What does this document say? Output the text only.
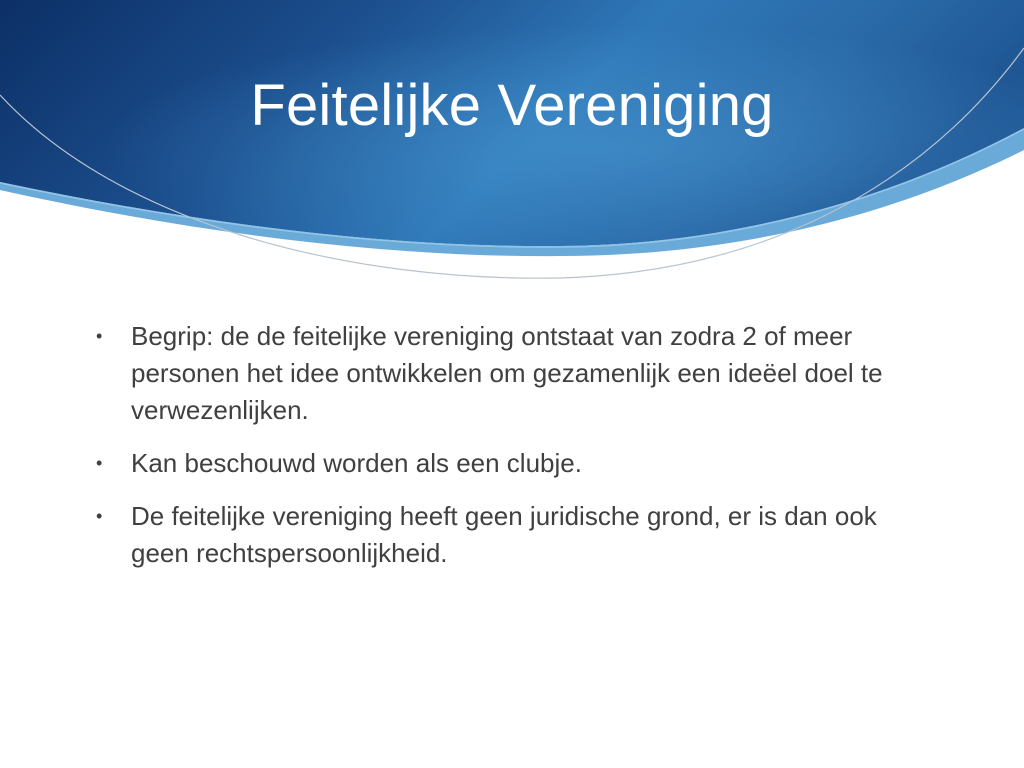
Feitelijke Vereniging
• Begrip: de de feitelijke vereniging ontstaat van zodra 2 of meer personen het idee ontwikkelen om gezamenlijk een ideëel doel te verwezenlijken.
• Kan beschouwd worden als een clubje.
• De feitelijke vereniging heeft geen juridische grond, er is dan ook geen rechtspersoonlijkheid.
